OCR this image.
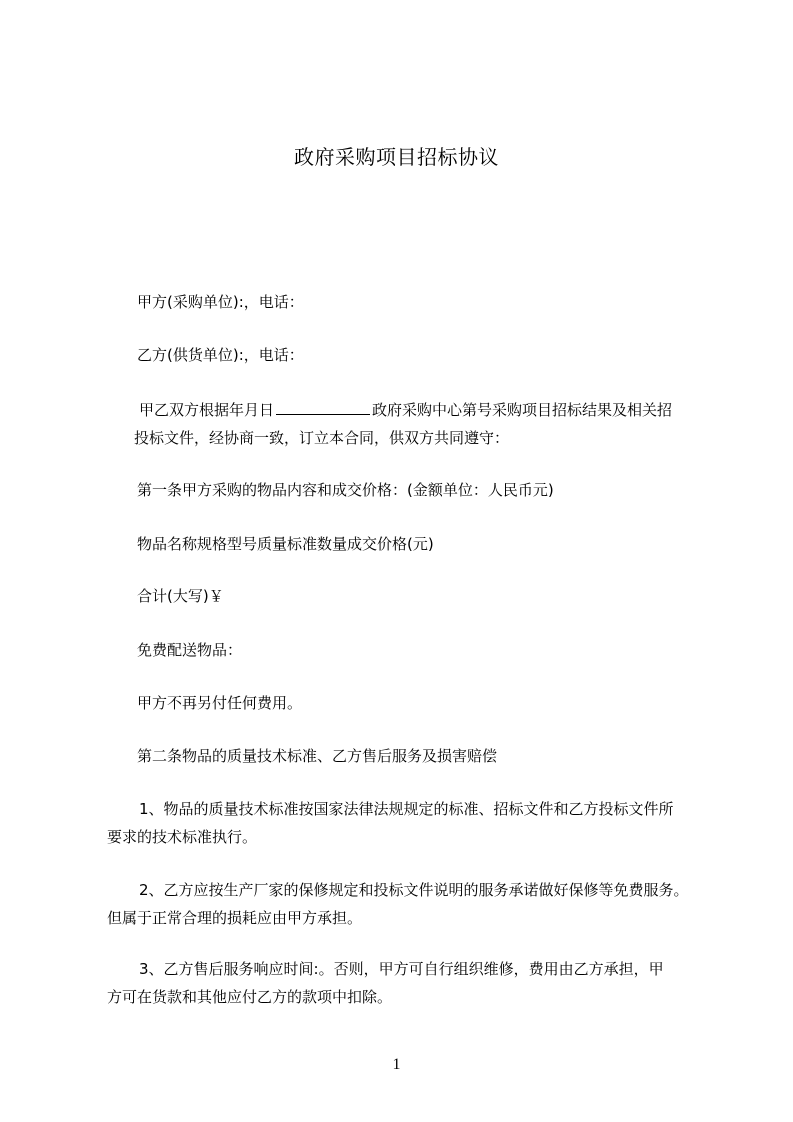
政府采购项目招标协议
甲方(采购单位):，电话：
乙方(供货单位):，电话：
甲乙双方根据年月日	政府采购中心第号采购项目招标结果及相关招
投标文件，经协商一致，订立本合同，供双方共同遵守：
第一条甲方采购的物品内容和成交价格：(金额单位：人民币元)
物品名称规格型号质量标准数量成交价格(元)
合计(大写)￥
免费配送物品：
甲方不再另付任何费用。
第二条物品的质量技术标准、乙方售后服务及损害赔偿
1、物品的质量技术标准按国家法律法规规定的标准、招标文件和乙方投标文件所
要求的技术标准执行。
2、乙方应按生产厂家的保修规定和投标文件说明的服务承诺做好保修等免费服务。
但属于正常合理的损耗应由甲方承担。
3、乙方售后服务响应时间:。否则，甲方可自行组织维修，费用由乙方承担，甲
方可在货款和其他应付乙方的款项中扣除。
1
